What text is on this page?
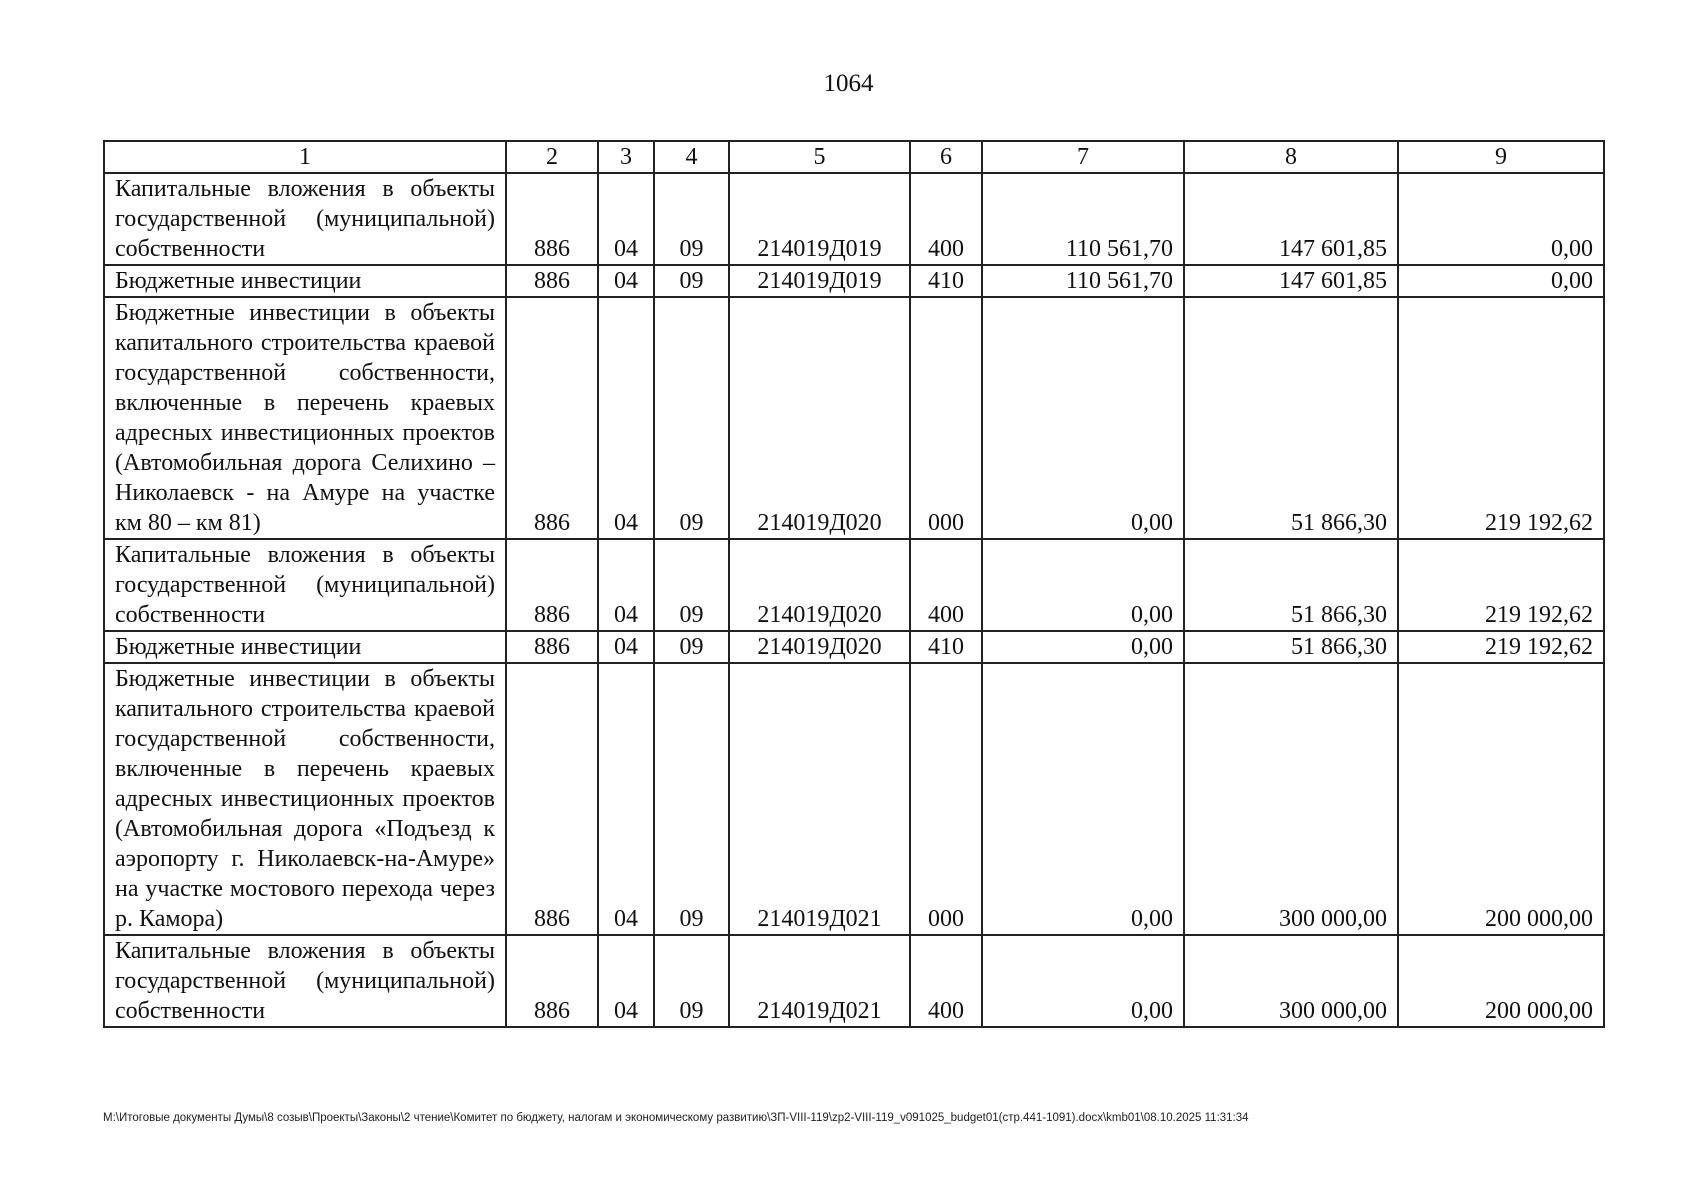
1064
1	2	3	4	5	6	7	8	9
Капитальные вложения в объекты государственной (муниципальной) собственности	886	04	09	214019Д019	400	110 561,70	147 601,85	0,00
Бюджетные инвестиции	886	04	09	214019Д019	410	110 561,70	147 601,85	0,00
Бюджетные инвестиции в объекты капитального строительства краевой государственной собственности, включенные в перечень краевых адресных инвестиционных проектов (Автомобильная дорога Селихино – Николаевск - на Амуре на участке км 80 – км 81)	886	04	09	214019Д020	000	0,00	51 866,30	219 192,62
Капитальные вложения в объекты государственной (муниципальной) собственности	886	04	09	214019Д020	400	0,00	51 866,30	219 192,62
Бюджетные инвестиции	886	04	09	214019Д020	410	0,00	51 866,30	219 192,62
Бюджетные инвестиции в объекты капитального строительства краевой государственной собственности, включенные в перечень краевых адресных инвестиционных проектов (Автомобильная дорога «Подъезд к аэропорту г. Николаевск-на-Амуре» на участке мостового перехода через р. Камора)	886	04	09	214019Д021	000	0,00	300 000,00	200 000,00
Капитальные вложения в объекты государственной (муниципальной) собственности	886	04	09	214019Д021	400	0,00	300 000,00	200 000,00
M:\Итоговые документы Думы\8 созыв\Проекты\Законы\2 чтение\Комитет по бюджету, налогам и экономическому развитию\ЗП-VIII-119\zp2-VIII-119_v091025_budget01(стр.441-1091).docx\kmb01\08.10.2025 11:31:34
